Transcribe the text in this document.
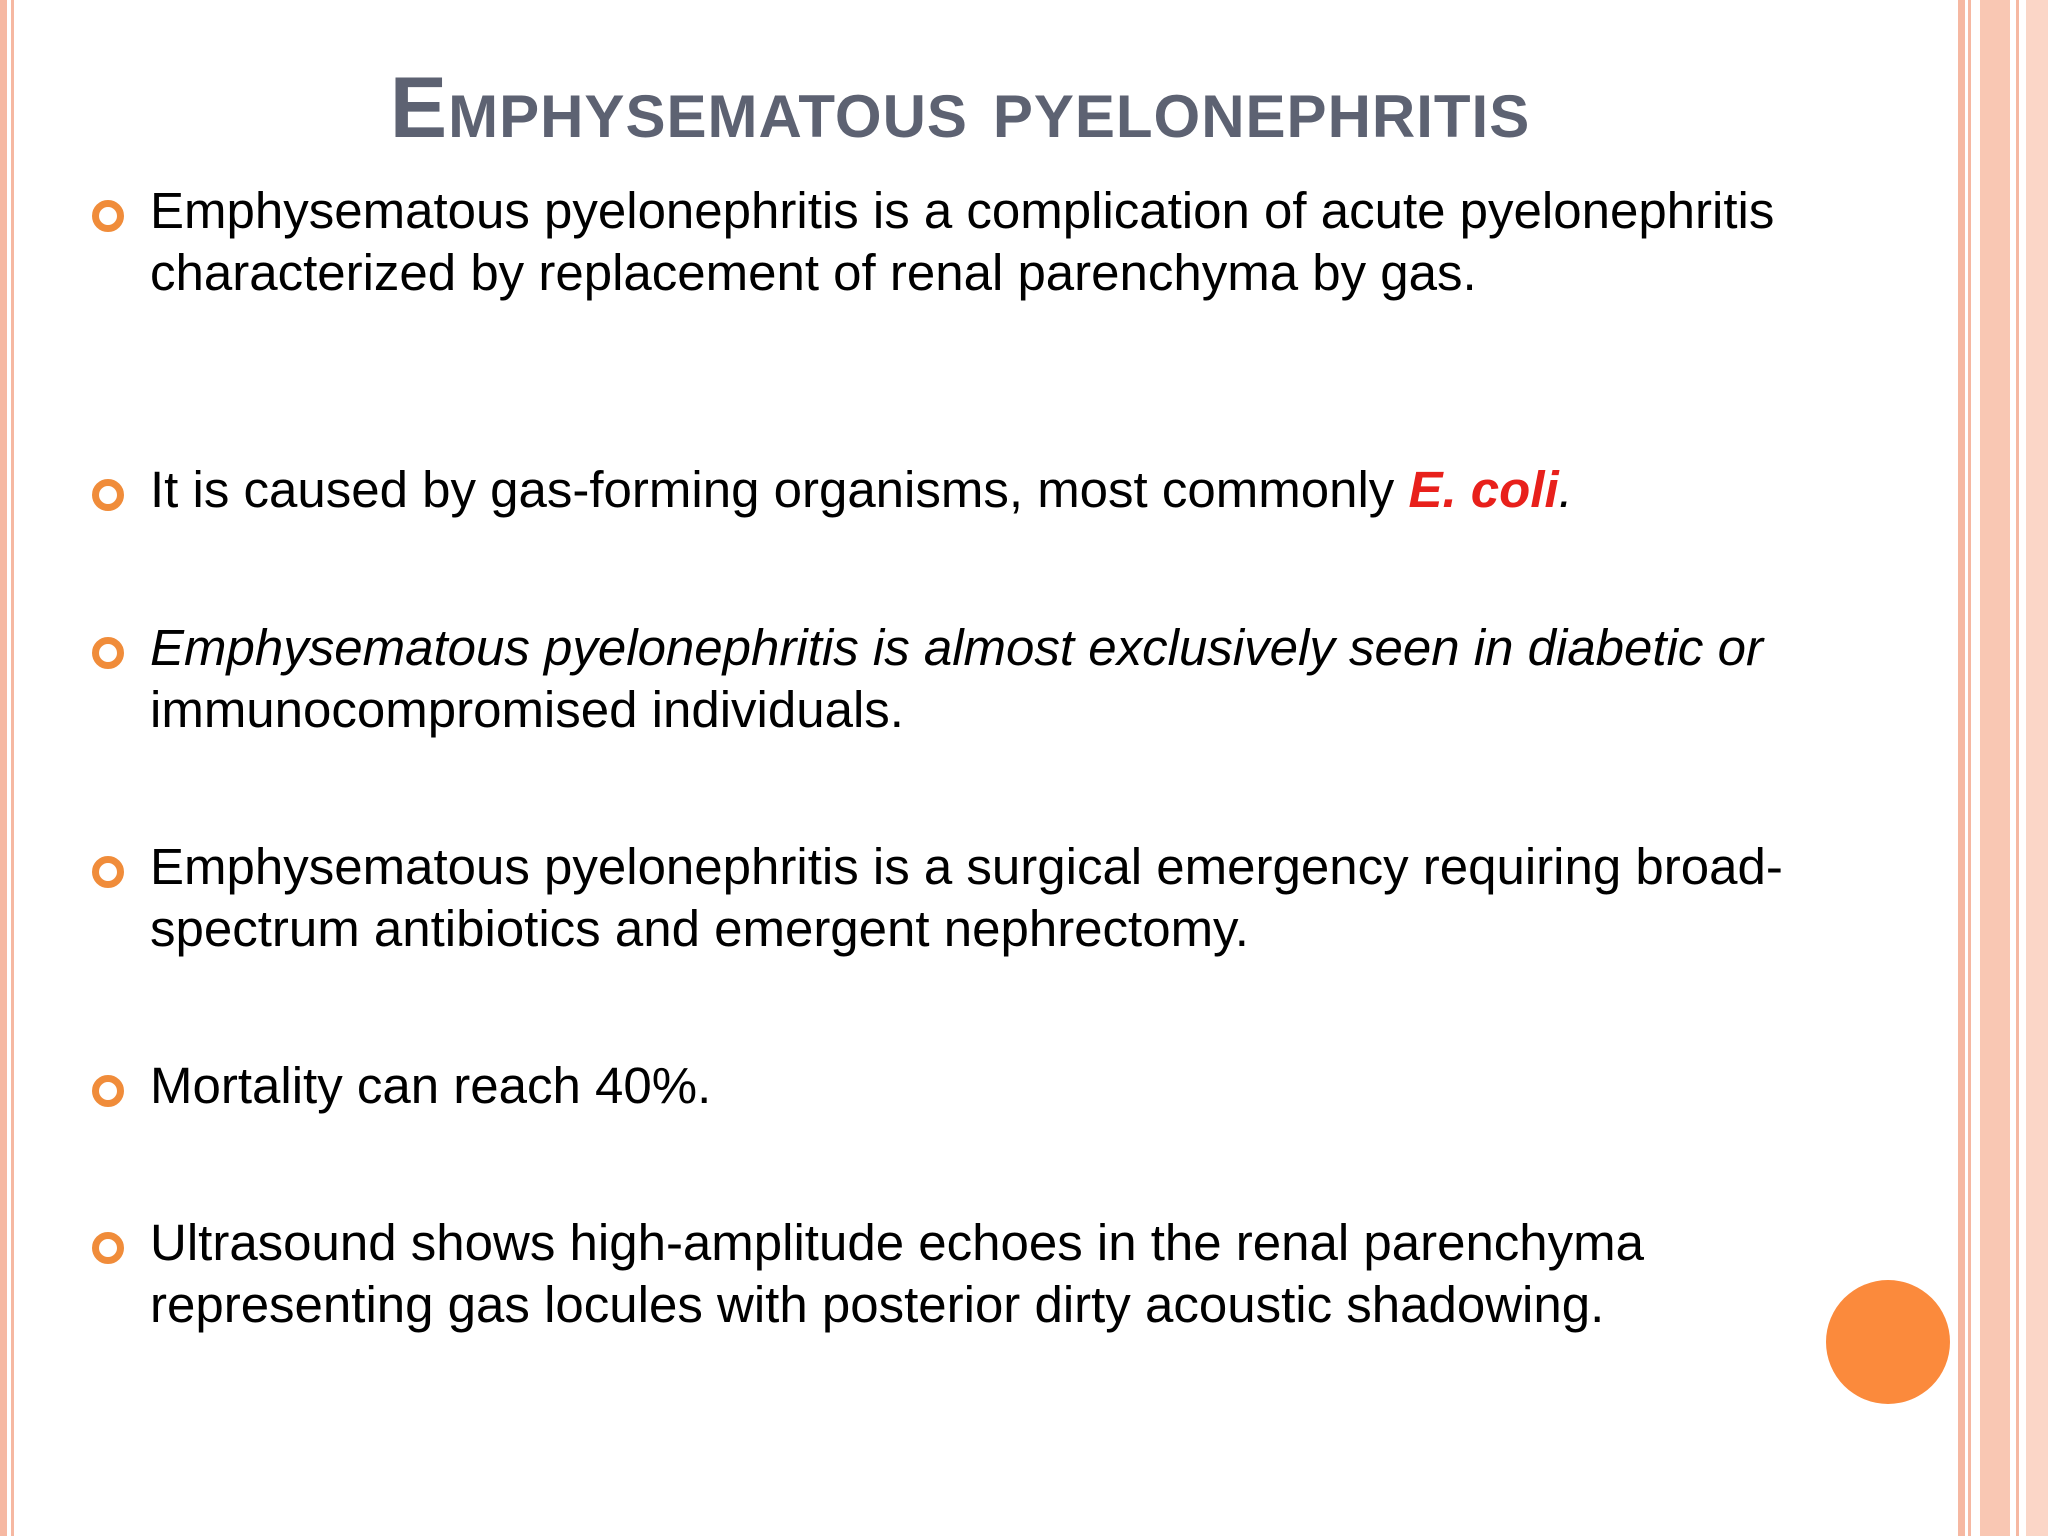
Emphysematous pyelonephritis
Emphysematous pyelonephritis is a complication of acute pyelonephritis characterized by replacement of renal parenchyma by gas.
It is caused by gas-forming organisms, most commonly E. coli.
Emphysematous pyelonephritis is almost exclusively seen in diabetic or immunocompromised individuals.
Emphysematous pyelonephritis is a surgical emergency requiring broad-spectrum antibiotics and emergent nephrectomy.
Mortality can reach 40%.
Ultrasound shows high-amplitude echoes in the renal parenchyma representing gas locules with posterior dirty acoustic shadowing.
